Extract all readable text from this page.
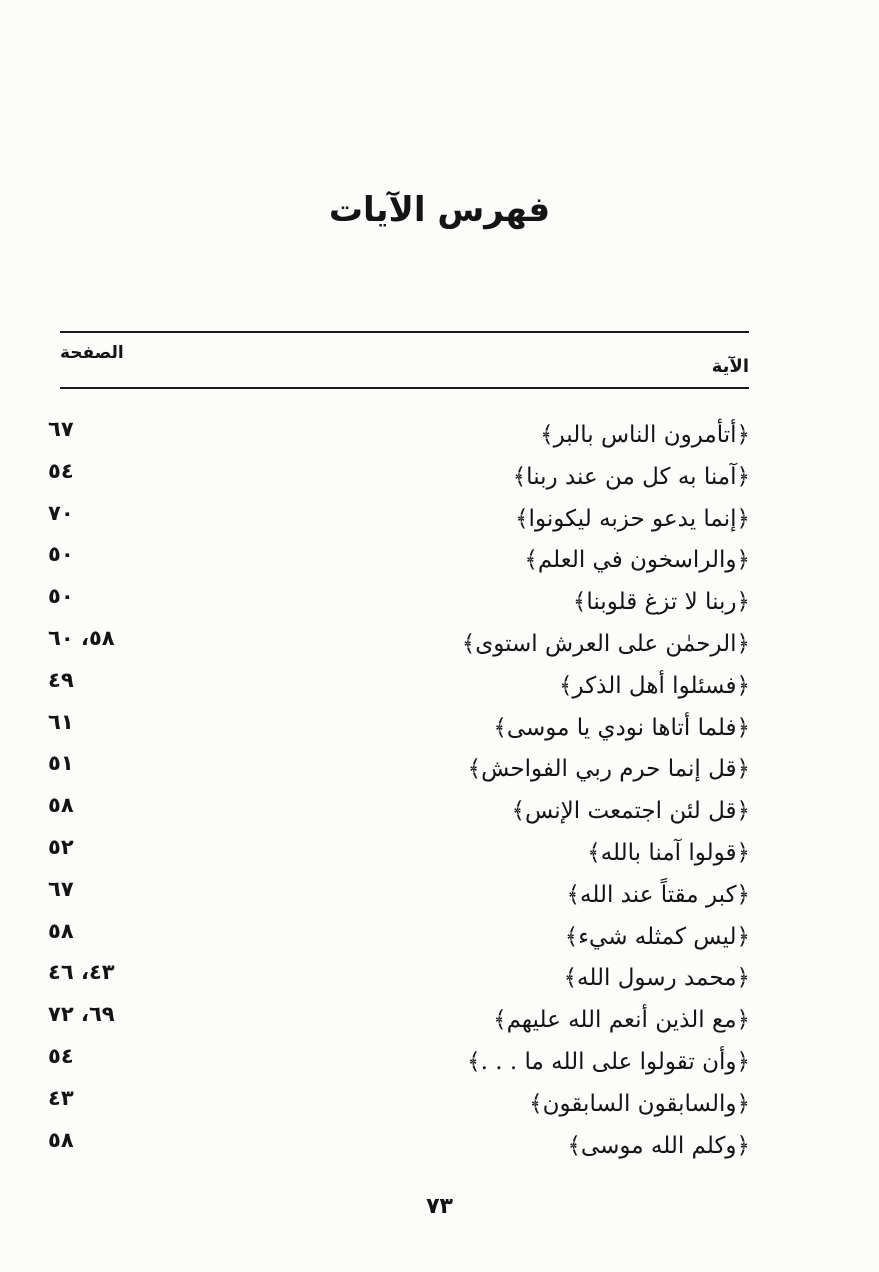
فهرس الآيات
الصفحة
الآية
﴿أتأمرون الناس بالبر﴾
٦٧
﴿آمنا به كل من عند ربنا﴾
٥٤
﴿إنما يدعو حزبه ليكونوا﴾
٧٠
﴿والراسخون في العلم﴾
٥٠
﴿ربنا لا تزغ قلوبنا﴾
٥٠
﴿الرحمٰن على العرش استوى﴾
٥٨، ٦٠
﴿فسئلوا أهل الذكر﴾
٤٩
﴿فلما أتاها نودي يا موسى﴾
٦١
﴿قل إنما حرم ربي الفواحش﴾
٥١
﴿قل لئن اجتمعت الإنس﴾
٥٨
﴿قولوا آمنا بالله﴾
٥٢
﴿كبر مقتاً عند الله﴾
٦٧
﴿ليس كمثله شيء﴾
٥٨
﴿محمد رسول الله﴾
٤٣، ٤٦
﴿مع الذين أنعم الله عليهم﴾
٦٩، ٧٢
﴿وأن تقولوا على الله ما . . .﴾
٥٤
﴿والسابقون السابقون﴾
٤٣
﴿وكلم الله موسى﴾
٥٨
٧٣
